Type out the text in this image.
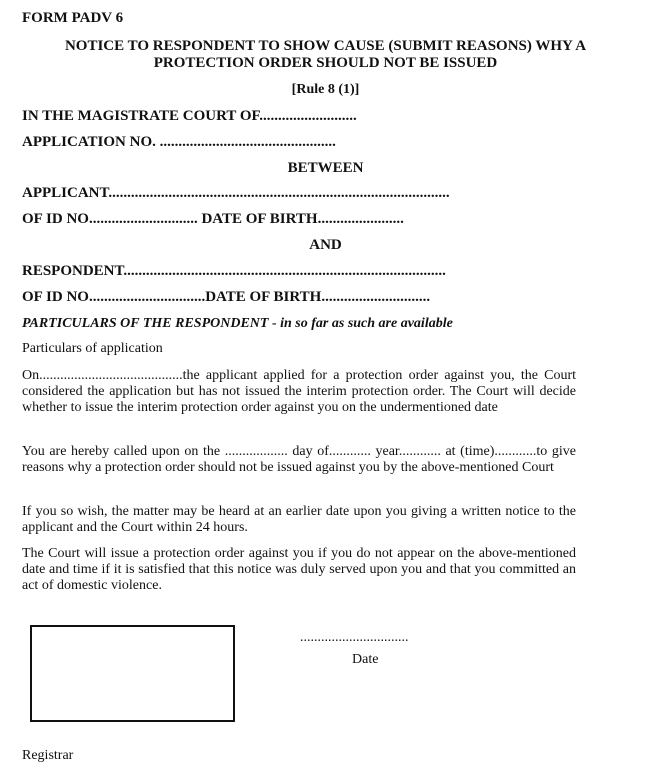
FORM PADV 6
NOTICE TO RESPONDENT TO SHOW CAUSE (SUBMIT REASONS) WHY A
PROTECTION ORDER SHOULD NOT BE ISSUED
[Rule 8 (1)]
IN THE MAGISTRATE COURT OF..........................
APPLICATION NO. ...............................................
BETWEEN
APPLICANT...........................................................................................
OF ID NO............................. DATE OF BIRTH.......................
AND
RESPONDENT......................................................................................
OF ID NO...............................DATE OF BIRTH.............................
PARTICULARS OF THE RESPONDENT - in so far as such are available
Particulars of application
On.........................................the applicant applied for a protection order against you, the Court considered the application but has not issued the interim protection order. The Court will decide whether to issue the interim protection order against you on the undermentioned date
You are hereby called upon on the .................. day of............ year............ at (time)............to give reasons why a protection order should not be issued against you by the above-mentioned Court
If you so wish, the matter may be heard at an earlier date upon you giving a written notice to the applicant and the Court within 24 hours.
The Court will issue a protection order against you if you do not appear on the above-mentioned date and time if it is satisfied that this notice was duly served upon you and that you committed an act of domestic violence.
...............................
Date
Registrar
